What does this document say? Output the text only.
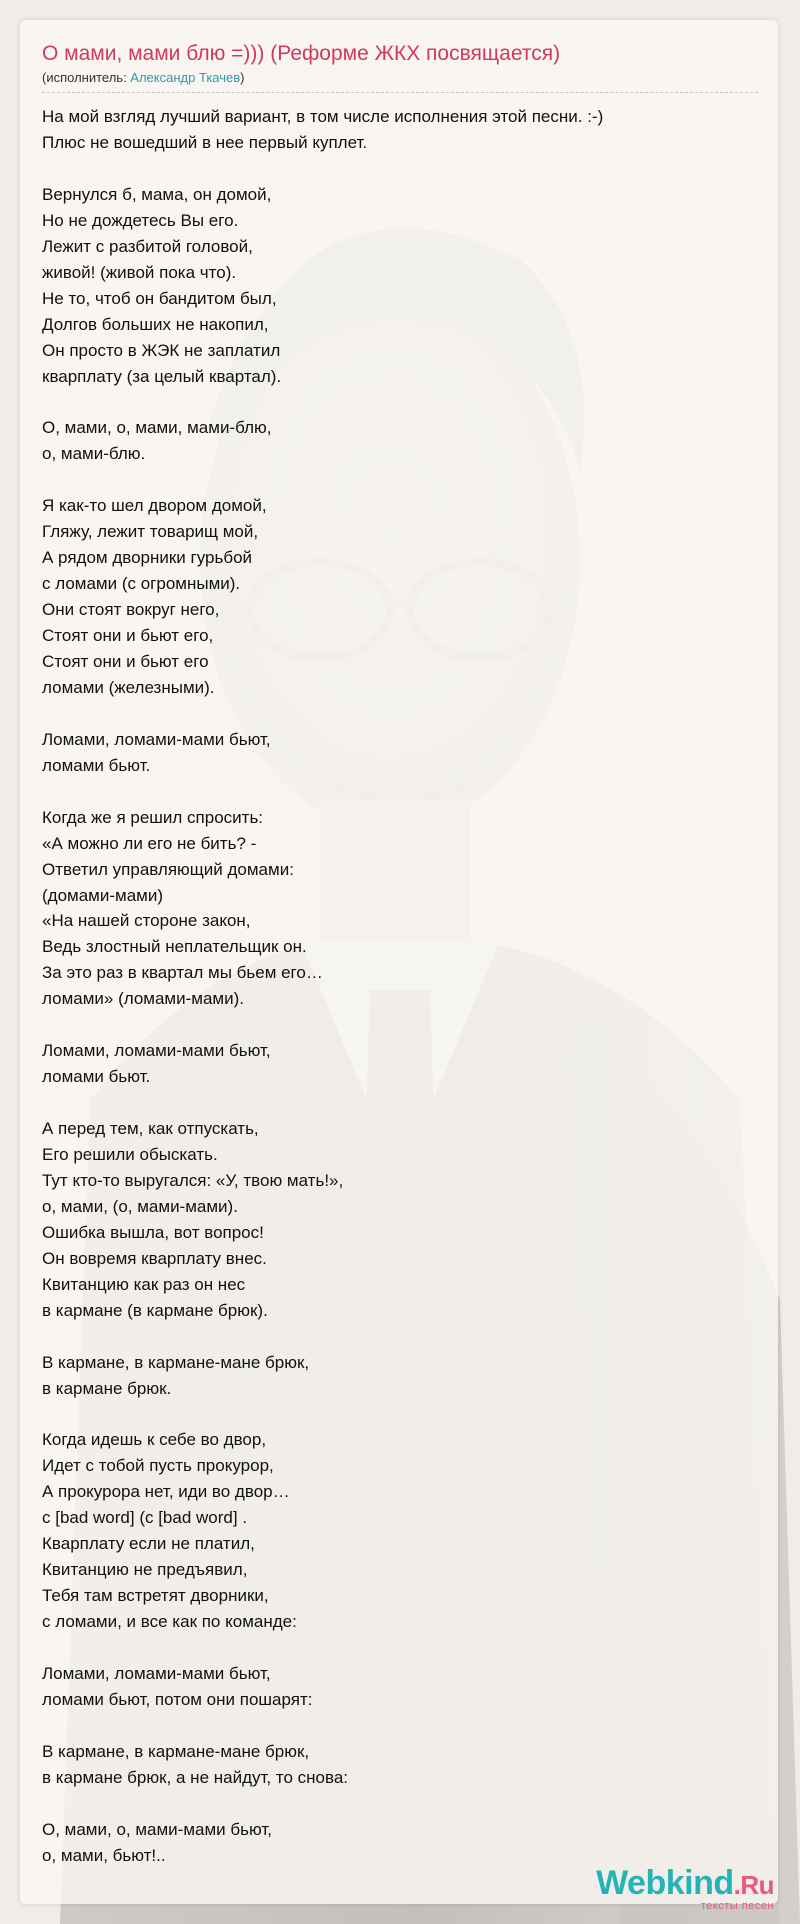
О мами, мами блю =))) (Реформе ЖКХ посвящается)
(исполнитель: Александр Ткачев)
На мой взгляд лучший вариант, в том числе исполнения этой песни. :-)
Плюс не вошедший в нее первый куплет.
Вернулся б, мама, он домой,
Но не дождетесь Вы его.
Лежит с разбитой головой,
живой! (живой пока что).
Не то, чтоб он бандитом был,
Долгов больших не накопил,
Он просто в ЖЭК не заплатил
кварплату (за целый квартал).
О, мами, о, мами, мами-блю,
о, мами-блю.
Я как-то шел двором домой,
Гляжу, лежит товарищ мой,
А рядом дворники гурьбой
с ломами (с огромными).
Они стоят вокруг него,
Стоят они и бьют его,
Стоят они и бьют его
ломами (железными).
Ломами, ломами-мами бьют,
ломами бьют.
Когда же я решил спросить:
«А можно ли его не бить? -
Ответил управляющий домами:
(домами-мами)
«На нашей стороне закон,
Ведь злостный неплательщик он.
За это раз в квартал мы бьем его…
ломами» (ломами-мами).
Ломами, ломами-мами бьют,
ломами бьют.
А перед тем, как отпускать,
Его решили обыскать.
Тут кто-то выругался: «У, твою мать!»,
о, мами, (о, мами-мами).
Ошибка вышла, вот вопрос!
Он вовремя кварплату внес.
Квитанцию как раз он нес
в кармане (в кармане брюк).
В кармане, в кармане-мане брюк,
в кармане брюк.
Когда идешь к себе во двор,
Идет с тобой пусть прокурор,
А прокурора нет, иди во двор…
с [bad word] (с [bad word] .
Кварплату если не платил,
Квитанцию не предъявил,
Тебя там встретят дворники,
с ломами, и все как по команде:
Ломами, ломами-мами бьют,
ломами бьют, потом они пошарят:
В кармане, в кармане-мане брюк,
в кармане брюк, а не найдут, то снова:
О, мами, о, мами-мами бьют,
о, мами, бьют!..
Webkind.Ru
тексты песен
